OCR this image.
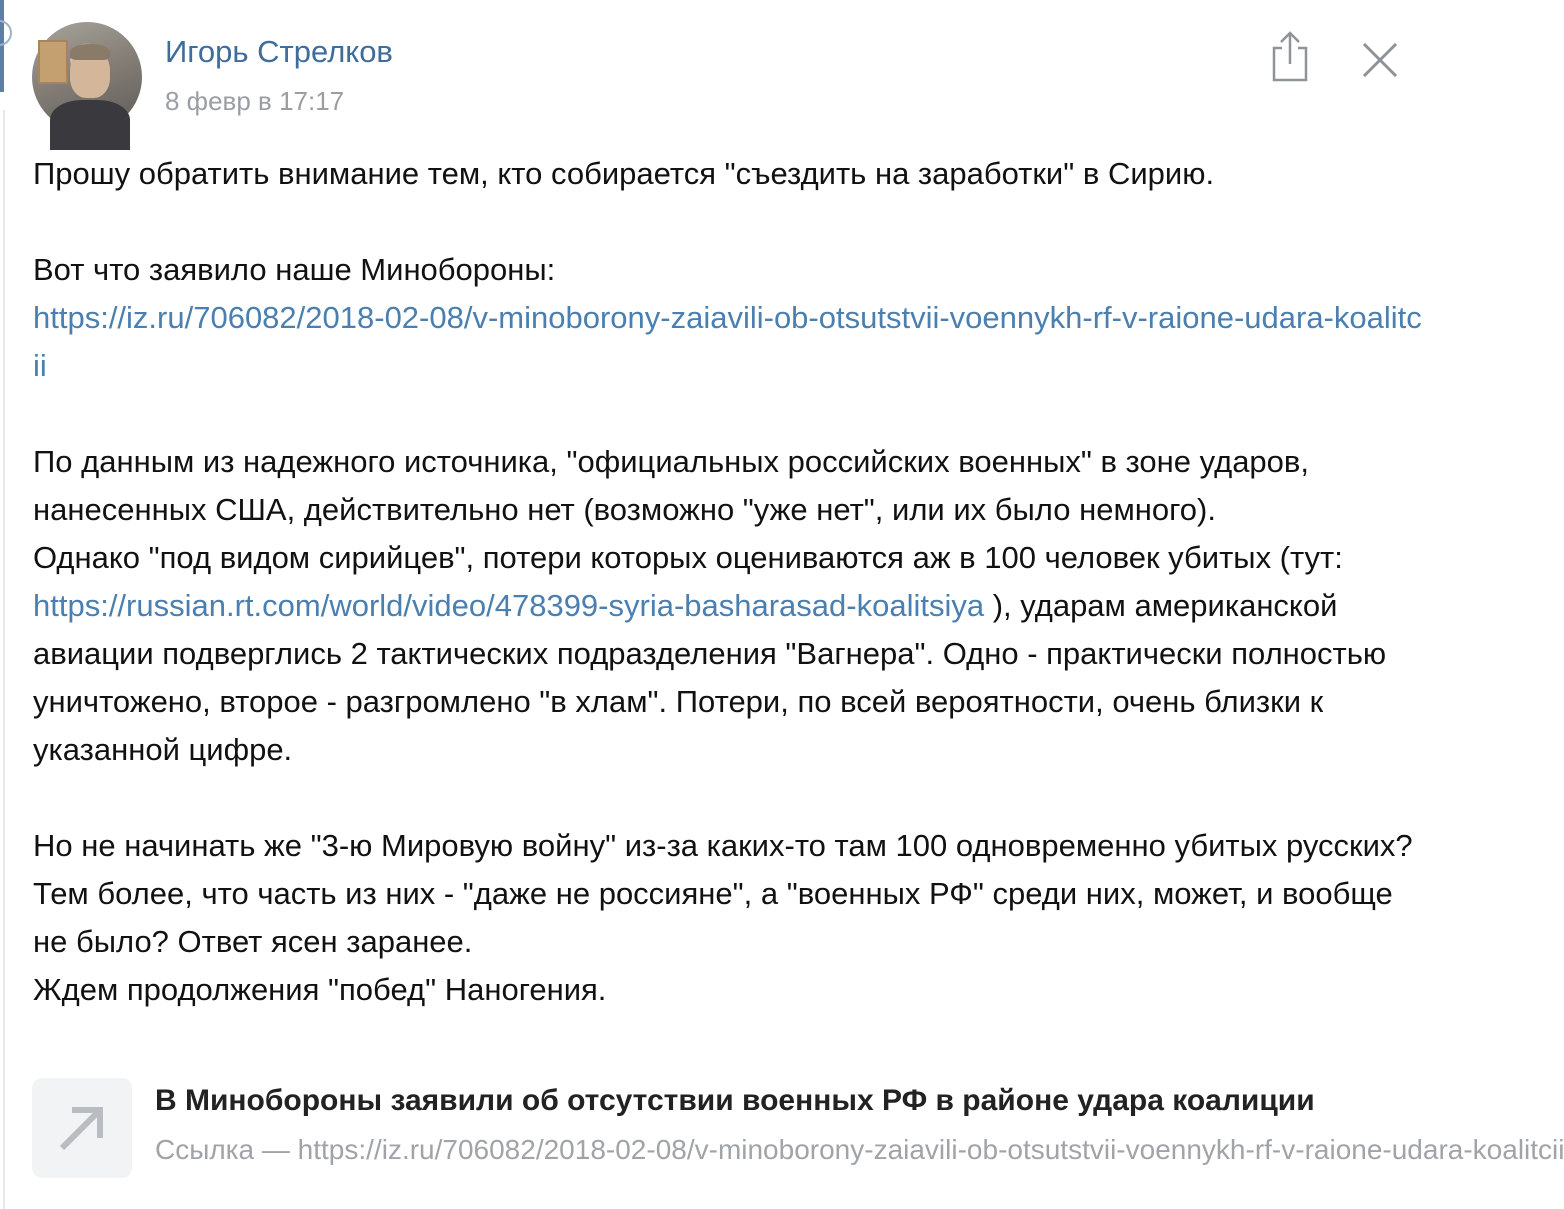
Игорь Стрелков
8 февр в 17:17

Прошу обратить внимание тем, кто собирается "съездить на заработки" в Сирию.

Вот что заявило наше Минобороны:
https://iz.ru/706082/2018-02-08/v-minoborony-zaiavili-ob-otsutstvii-voennykh-rf-v-raione-udara-koalitcii

По данным из надежного источника, "официальных российских военных" в зоне ударов, нанесенных США, действительно нет (возможно "уже нет", или их было немного).

Однако "под видом сирийцев", потери которых оцениваются аж в 100 человек убитых (тут: https://russian.rt.com/world/video/478399-syria-basharasad-koalitsiya ), ударам американской авиации подверглись 2 тактических подразделения "Вагнера". Одно - практически полностью уничтожено, второе - разгромлено "в хлам". Потери, по всей вероятности, очень близки к указанной цифре.

Но не начинать же "3-ю Мировую войну" из-за каких-то там 100 одновременно убитых русских? Тем более, что часть из них - "даже не россияне", а "военных РФ" среди них, может, и вообще не было? Ответ ясен заранее.

Ждем продолжения "побед" Наногения.

В Минобороны заявили об отсутствии военных РФ в районе удара коалиции
Ссылка — https://iz.ru/706082/2018-02-08/v-minoborony-zaiavili-ob-otsutstvii-voennykh-rf-v-raione-udara-koalitcii
